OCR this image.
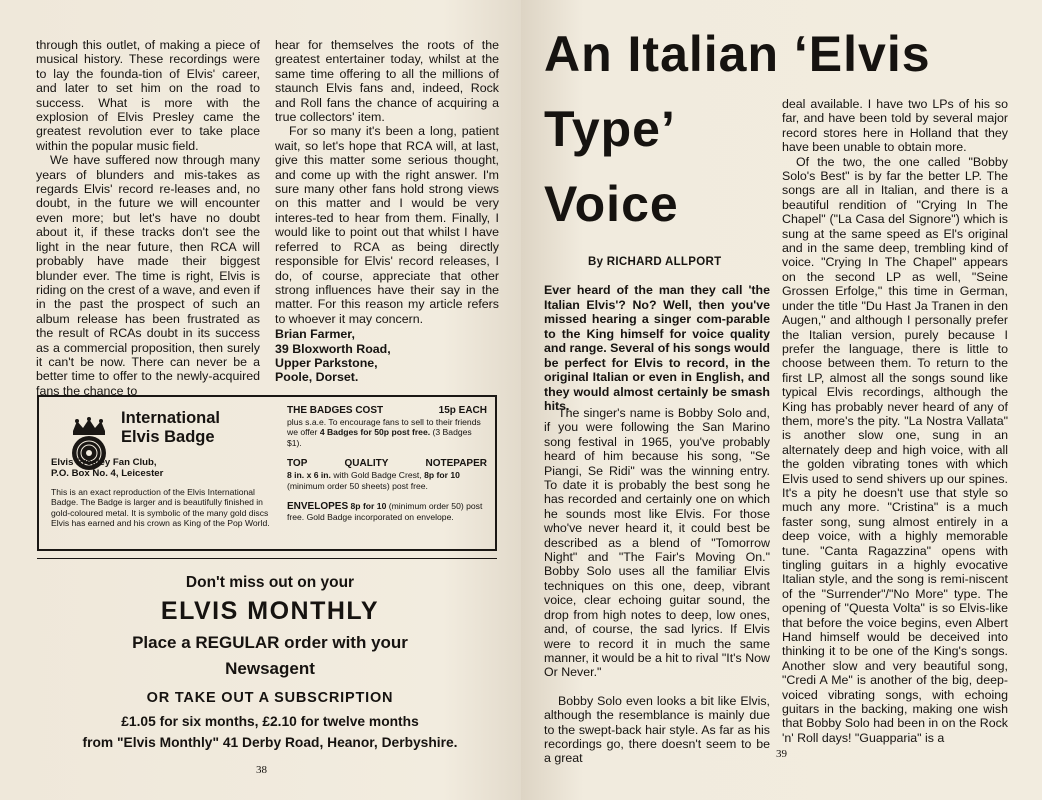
through this outlet, of making a piece of musical history. These recordings were to lay the founda-tion of Elvis' career, and later to set him on the road to success. What is more with the explosion of Elvis Presley came the greatest revolution ever to take place within the popular music field.

We have suffered now through many years of blunders and mis-takes as regards Elvis' record re-leases and, no doubt, in the future we will encounter even more; but let's have no doubt about it, if these tracks don't see the light in the near future, then RCA will probably have made their biggest blunder ever. The time is right, Elvis is riding on the crest of a wave, and even if in the past the prospect of such an album release has been frustrated as the result of RCAs doubt in its success as a commercial proposition, then surely it can't be now. There can never be a better time to offer to the newly-acquired fans the chance to

hear for themselves the roots of the greatest entertainer today, whilst at the same time offering to all the millions of staunch Elvis fans and, indeed, Rock and Roll fans the chance of acquiring a true collectors' item.

For so many it's been a long, patient wait, so let's hope that RCA will, at last, give this matter some serious thought, and come up with the right answer. I'm sure many other fans hold strong views on this matter and I would be very interes-ted to hear from them. Finally, I would like to point out that whilst I have referred to RCA as being directly responsible for Elvis' record releases, I do, of course, appreciate that other strong influences have their say in the matter. For this reason my article refers to whoever it may concern.

Brian Farmer,
39 Bloxworth Road,
Upper Parkstone,
Poole, Dorset.
International
Elvis Badge
Elvis Presley Fan Club,
P.O. Box No. 4, Leicester
This is an exact reproduction of the Elvis International Badge. The Badge is larger and is beautifully finished in gold-coloured metal. It is symbolic of the many gold discs Elvis has earned and his crown as King of the Pop World.
THE BADGES COST	15p EACH
plus s.a.e. To encourage fans to sell to their friends we offer 4 Badges for 50p post free. (3 Badges $1).
TOP	QUALITY	NOTEPAPER
8 in. x 6 in. with Gold Badge Crest, 8p for 10 (minimum order 50 sheets) post free.
ENVELOPES 8p for 10 (minimum order 50) post free. Gold Badge incorporated on envelope.
Don't miss out on your
ELVIS MONTHLY
Place a REGULAR order with your
Newsagent
OR TAKE OUT A SUBSCRIPTION
£1.05 for six months, £2.10 for twelve months
from "Elvis Monthly" 41 Derby Road, Heanor, Derbyshire.
38
An Italian ‘Elvis
Type’
Voice
By RICHARD ALLPORT
Ever heard of the man they call 'the Italian Elvis'? No? Well, then you've missed hearing a singer com-parable to the King himself for voice quality and range. Several of his songs would be perfect for Elvis to record, in the original Italian or even in English, and they would almost certainly be smash hits.

The singer's name is Bobby Solo and, if you were following the San Marino song festival in 1965, you've probably heard of him because his song, "Se Piangi, Se Ridi" was the winning entry. To date it is probably the best song he has recorded and certainly one on which he sounds most like Elvis. For those who've never heard it, it could best be described as a blend of "Tomorrow Night" and "The Fair's Moving On." Bobby Solo uses all the familiar Elvis techniques on this one, deep, vibrant voice, clear echoing guitar sound, the drop from high notes to deep, low ones, and, of course, the sad lyrics. If Elvis were to record it in much the same manner, it would be a hit to rival "It's Now Or Never."

Bobby Solo even looks a bit like Elvis, although the resemblance is mainly due to the swept-back hair style. As far as his recordings go, there doesn't seem to be a great

deal available. I have two LPs of his so far, and have been told by several major record stores here in Holland that they have been unable to obtain more.

Of the two, the one called "Bobby Solo's Best" is by far the better LP. The songs are all in Italian, and there is a beautiful rendition of "Crying In The Chapel" ("La Casa del Signore") which is sung at the same speed as El's original and in the same deep, trembling kind of voice. "Crying In The Chapel" appears on the second LP as well, "Seine Grossen Erfolge," this time in German, under the title "Du Hast Ja Tranen in den Augen," and although I personally prefer the Italian version, purely because I prefer the language, there is little to choose between them. To return to the first LP, almost all the songs sound like typical Elvis recordings, although the King has probably never heard of any of them, more's the pity. "La Nostra Vallata" is another slow one, sung in an alternately deep and high voice, with all the golden vibrating tones with which Elvis used to send shivers up our spines. It's a pity he doesn't use that style so much any more. "Cristina" is a much faster song, sung almost entirely in a deep voice, with a highly memorable tune. "Canta Ragazzina" opens with tingling guitars in a highly evocative Italian style, and the song is remi-niscent of the "Surrender"/"No More" type. The opening of "Questa Volta" is so Elvis-like that before the voice begins, even Albert Hand himself would be deceived into thinking it to be one of the King's songs. Another slow and very beautiful song, "Credi A Me" is another of the big, deep-voiced vibrating songs, with echoing guitars in the backing, making one wish that Bobby Solo had been in on the Rock 'n' Roll days! "Guapparia" is a

39
